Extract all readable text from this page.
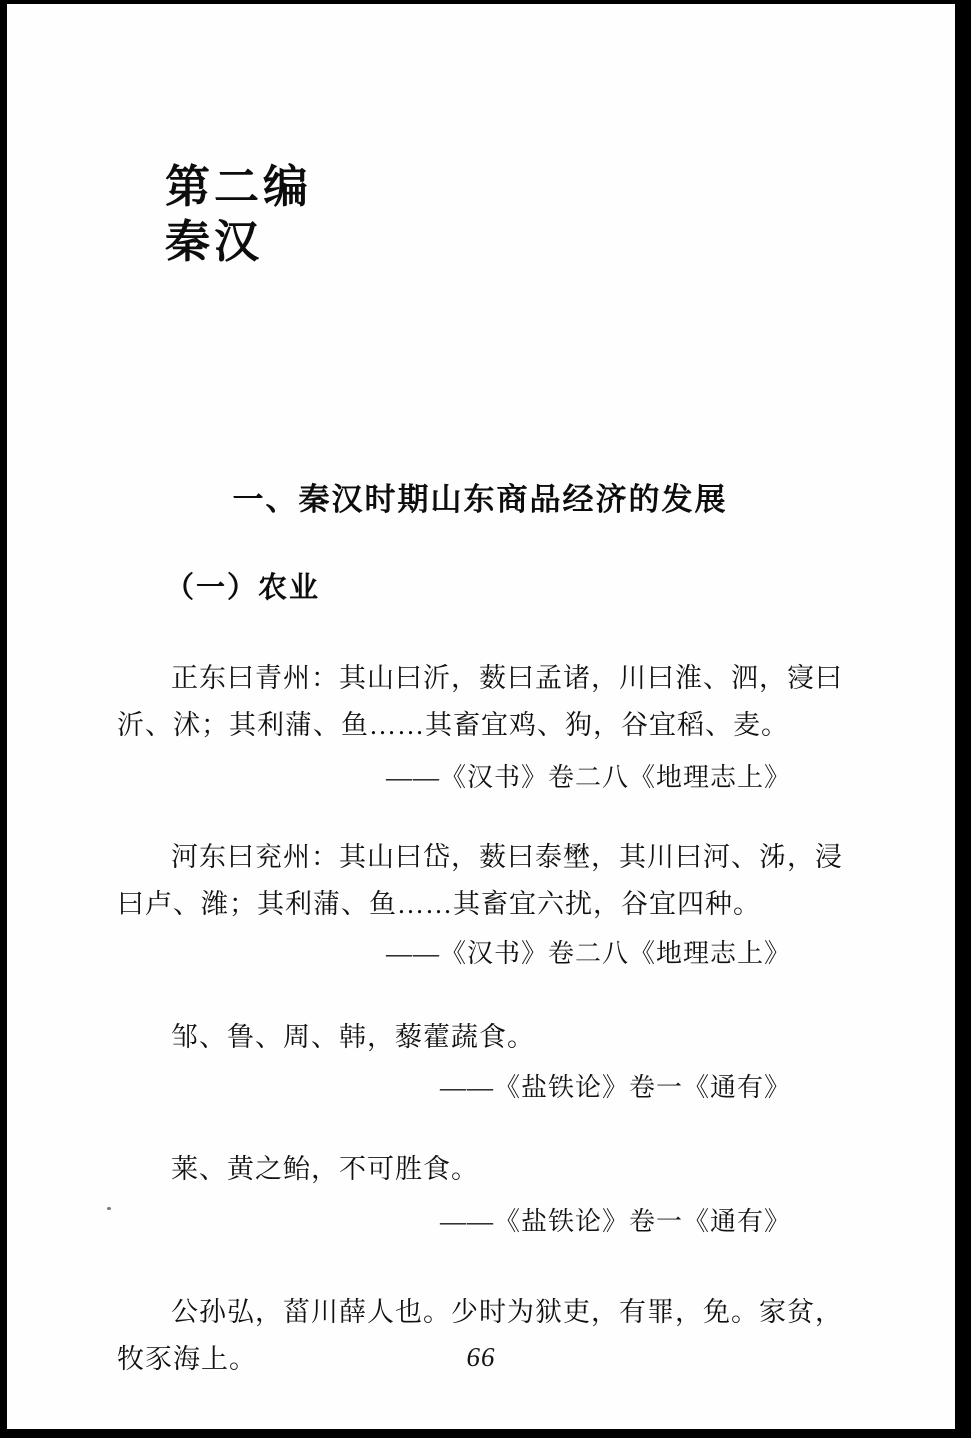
第二编
秦汉
一、秦汉时期山东商品经济的发展
（一）农业

正东曰青州：其山曰沂，薮曰孟诸，川曰淮、泗，寖曰沂、沭；其利蒲、鱼……其畜宜鸡、狗，谷宜稻、麦。

——《汉书》卷二八《地理志上》

河东曰兖州：其山曰岱，薮曰泰壄，其川曰河、泲，浸曰卢、潍；其利蒲、鱼……其畜宜六扰，谷宜四种。

——《汉书》卷二八《地理志上》

邹、鲁、周、韩，藜藿蔬食。

——《盐铁论》卷一《通有》

莱、黄之鲐，不可胜食。

——《盐铁论》卷一《通有》

公孙弘，菑川薛人也。少时为狱吏，有罪，免。家贫，牧豕海上。	66
